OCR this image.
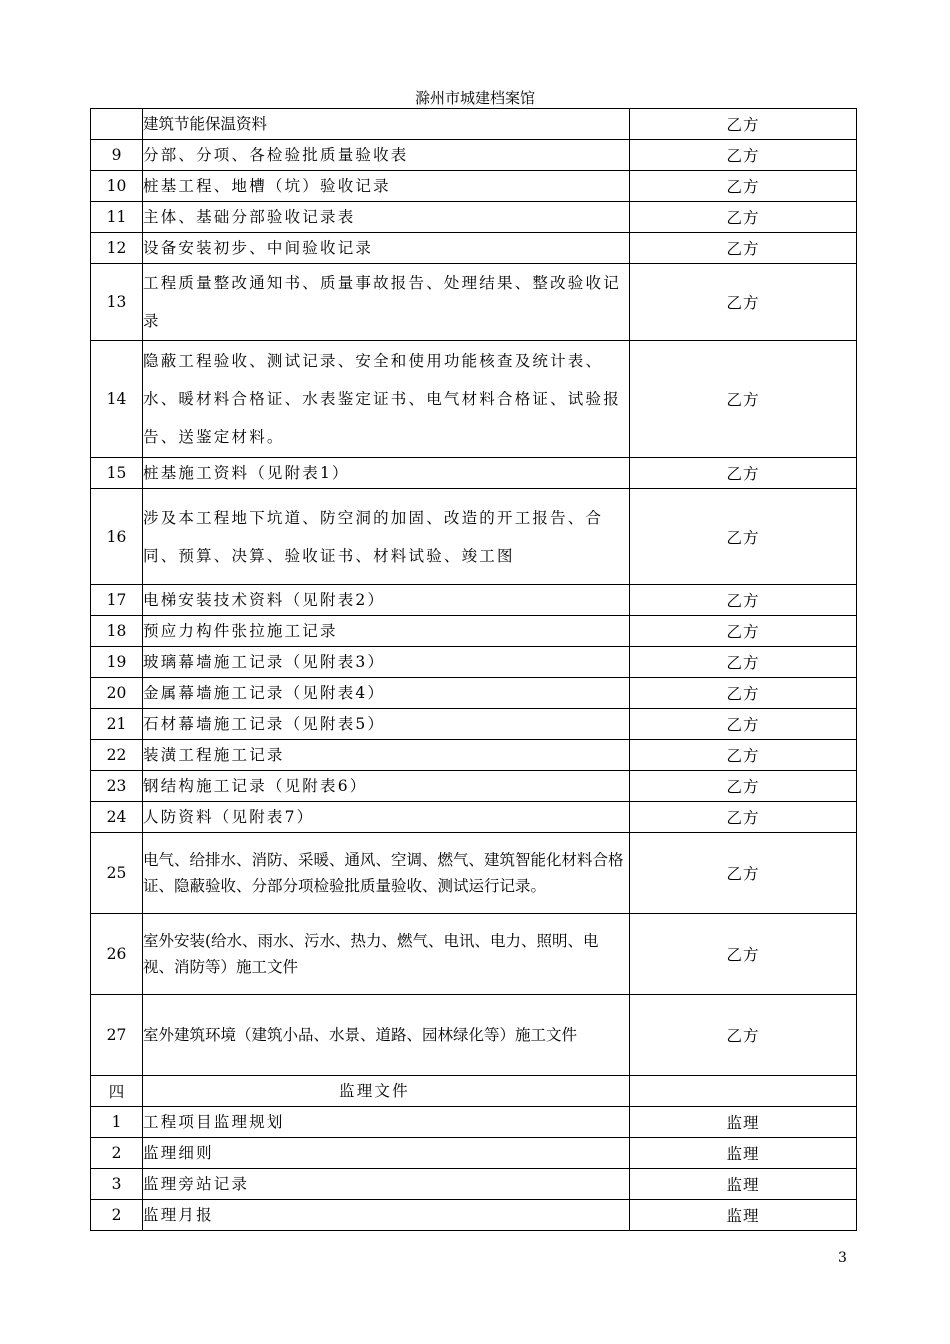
滁州市城建档案馆

	建筑节能保温资料	乙方
9	分部、分项、各检验批质量验收表	乙方
10	桩基工程、地槽（坑）验收记录	乙方
11	主体、基础分部验收记录表	乙方
12	设备安装初步、中间验收记录	乙方
13	工程质量整改通知书、质量事故报告、处理结果、整改验收记录	乙方
14	隐蔽工程验收、测试记录、安全和使用功能核查及统计表、水、暖材料合格证、水表鉴定证书、电气材料合格证、试验报告、送鉴定材料。	乙方
15	桩基施工资料（见附表1）	乙方
16	涉及本工程地下坑道、防空洞的加固、改造的开工报告、合同、预算、决算、验收证书、材料试验、竣工图	乙方
17	电梯安装技术资料（见附表2）	乙方
18	预应力构件张拉施工记录	乙方
19	玻璃幕墙施工记录（见附表3）	乙方
20	金属幕墙施工记录（见附表4）	乙方
21	石材幕墙施工记录（见附表5）	乙方
22	装潢工程施工记录	乙方
23	钢结构施工记录（见附表6）	乙方
24	人防资料（见附表7）	乙方
25	电气、给排水、消防、采暖、通风、空调、燃气、建筑智能化材料合格证、隐蔽验收、分部分项检验批质量验收、测试运行记录。	乙方
26	室外安装(给水、雨水、污水、热力、燃气、电讯、电力、照明、电视、消防等）施工文件	乙方
27	室外建筑环境（建筑小品、水景、道路、园林绿化等）施工文件	乙方
四	监理文件	

1	工程项目监理规划	监理
2	监理细则	监理
3	监理旁站记录	监理
2	监理月报	监理
3
